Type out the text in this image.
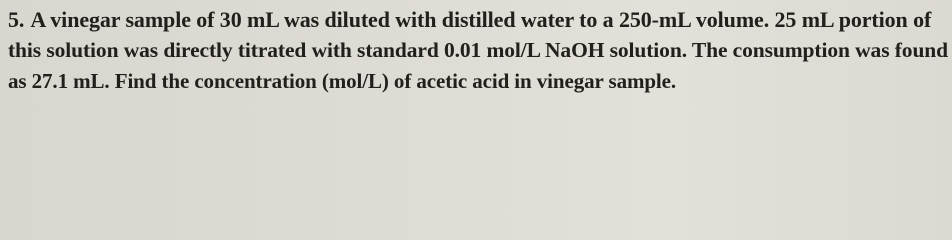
5. A vinegar sample of 30 mL was diluted with distilled water to a 250-mL volume. 25 mL portion of
this solution was directly titrated with standard 0.01 mol/L NaOH solution. The consumption was found
as 27.1 mL. Find the concentration (mol/L) of acetic acid in vinegar sample.
